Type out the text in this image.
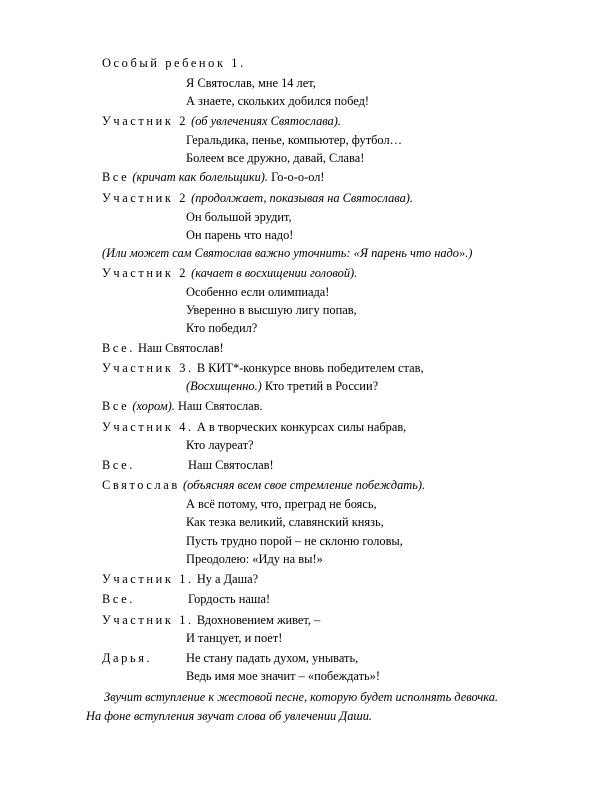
Особый ребенок 1.
Я Святослав, мне 14 лет,
А знаете, скольких добился побед!
Участник 2 (об увлечениях Святослава).
Геральдика, пенье, компьютер, футбол…
Болеем все дружно, давай, Слава!
Все (кричат как болельщики). Го-о-о-ол!
Участник 2 (продолжает, показывая на Святослава).
Он большой эрудит,
Он парень что надо!
(Или может сам Святослав важно уточнить: «Я парень что надо».)
Участник 2 (качает в восхищении головой).
Особенно если олимпиада!
Уверенно в высшую лигу попав,
Кто победил?
Все. Наш Святослав!
Участник 3. В КИТ*-конкурсе вновь победителем став,
(Восхищенно.) Кто третий в России?
Все (хором). Наш Святослав.
Участник 4. А в творческих конкурсах силы набрав,
Кто лауреат?
Все.	Наш Святослав!
Святослав (объясняя всем свое стремление побеждать).
А всё потому, что, преград не боясь,
Как тезка великий, славянский князь,
Пусть трудно порой – не склоню головы,
Преодолею: «Иду на вы!»
Участник 1. Ну а Даша?
Все.	Гордость наша!
Участник 1. Вдохновением живет, –
И танцует, и поет!
Дарья.	Не стану падать духом, унывать,
Ведь имя мое значит – «побеждать»!
Звучит вступление к жестовой песне, которую будет исполнять девочка.
На фоне вступления звучат слова об увлечении Даши.
